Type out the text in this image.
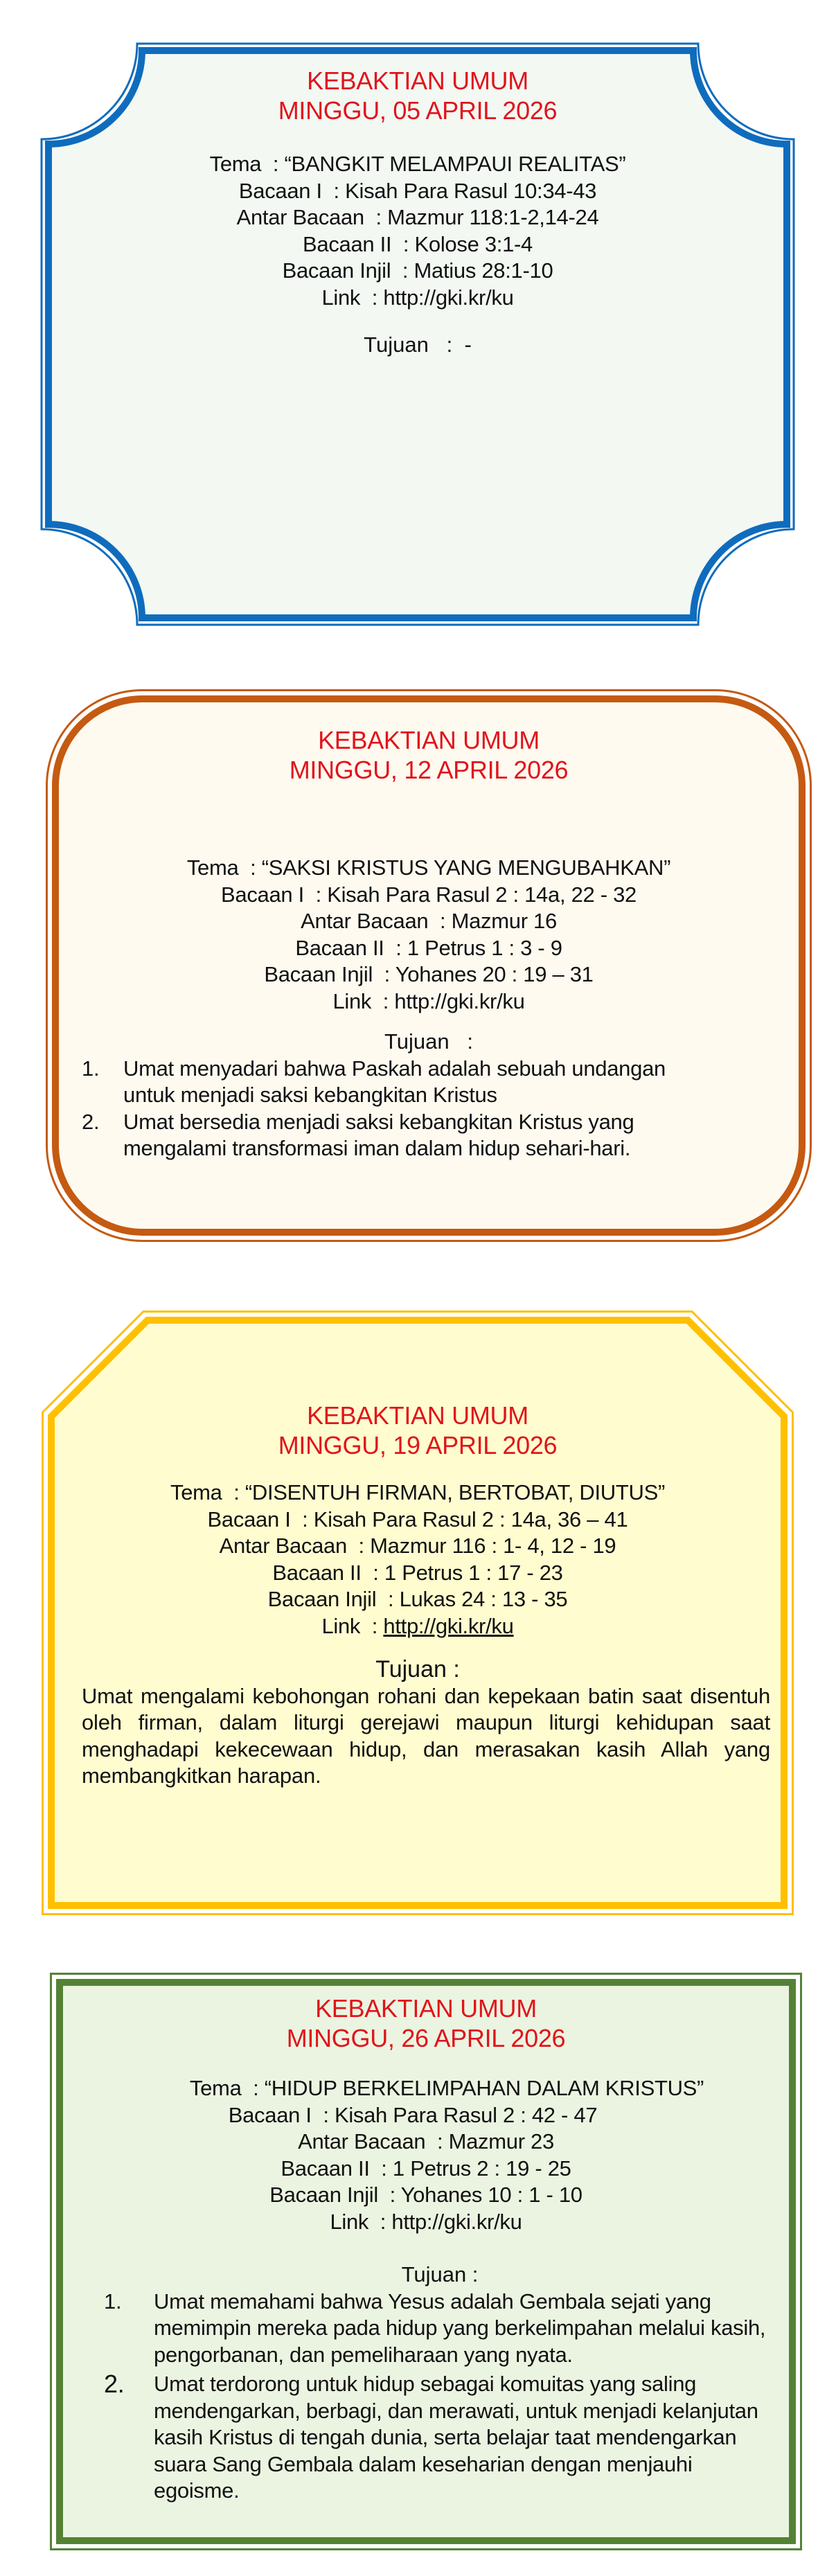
KEBAKTIAN UMUM
MINGGU, 05 APRIL 2026
Tema  : “BANGKIT MELAMPAUI REALITAS”
Bacaan I  : Kisah Para Rasul 10:34-43
Antar Bacaan  : Mazmur 118:1-2,14-24
Bacaan II  : Kolose 3:1-4
Bacaan Injil  : Matius 28:1-10
Link  : http://gki.kr/ku
Tujuan   :  -
KEBAKTIAN UMUM
MINGGU, 12 APRIL 2026
Tema  : “SAKSI KRISTUS YANG MENGUBAHKAN”
Bacaan I  : Kisah Para Rasul 2 : 14a, 22 - 32
Antar Bacaan  : Mazmur 16
Bacaan II  : 1 Petrus 1 : 3 - 9
Bacaan Injil  : Yohanes 20 : 19 – 31
Link  : http://gki.kr/ku
Tujuan   :
1. Umat menyadari bahwa Paskah adalah sebuah undangan untuk menjadi saksi kebangkitan Kristus
2. Umat bersedia menjadi saksi kebangkitan Kristus yang mengalami transformasi iman dalam hidup sehari-hari.
KEBAKTIAN UMUM
MINGGU, 19 APRIL 2026
Tema  : “DISENTUH FIRMAN, BERTOBAT, DIUTUS”
Bacaan I  : Kisah Para Rasul 2 : 14a, 36 – 41
Antar Bacaan  : Mazmur 116 : 1- 4, 12 - 19
Bacaan II  : 1 Petrus 1 : 17 - 23
Bacaan Injil  : Lukas 24 : 13 - 35
Link  : http://gki.kr/ku
Tujuan :
Umat mengalami kebohongan rohani dan kepekaan batin saat disentuh oleh firman, dalam liturgi gerejawi maupun liturgi kehidupan saat menghadapi kekecewaan hidup, dan merasakan kasih Allah yang membangkitkan harapan.
KEBAKTIAN UMUM
MINGGU, 26 APRIL 2026
Tema  : “HIDUP BERKELIMPAHAN DALAM KRISTUS”
Bacaan I  : Kisah Para Rasul 2 : 42 - 47
Antar Bacaan  : Mazmur 23
Bacaan II  : 1 Petrus 2 : 19 - 25
Bacaan Injil  : Yohanes 10 : 1 - 10
Link  : http://gki.kr/ku
Tujuan :
1. Umat memahami bahwa Yesus adalah Gembala sejati yang memimpin mereka pada hidup yang berkelimpahan melalui kasih, pengorbanan, dan pemeliharaan yang nyata.
2. Umat terdorong untuk hidup sebagai komuitas yang saling mendengarkan, berbagi, dan merawati, untuk menjadi kelanjutan kasih Kristus di tengah dunia, serta belajar taat mendengarkan suara Sang Gembala dalam keseharian dengan menjauhi egoisme.
